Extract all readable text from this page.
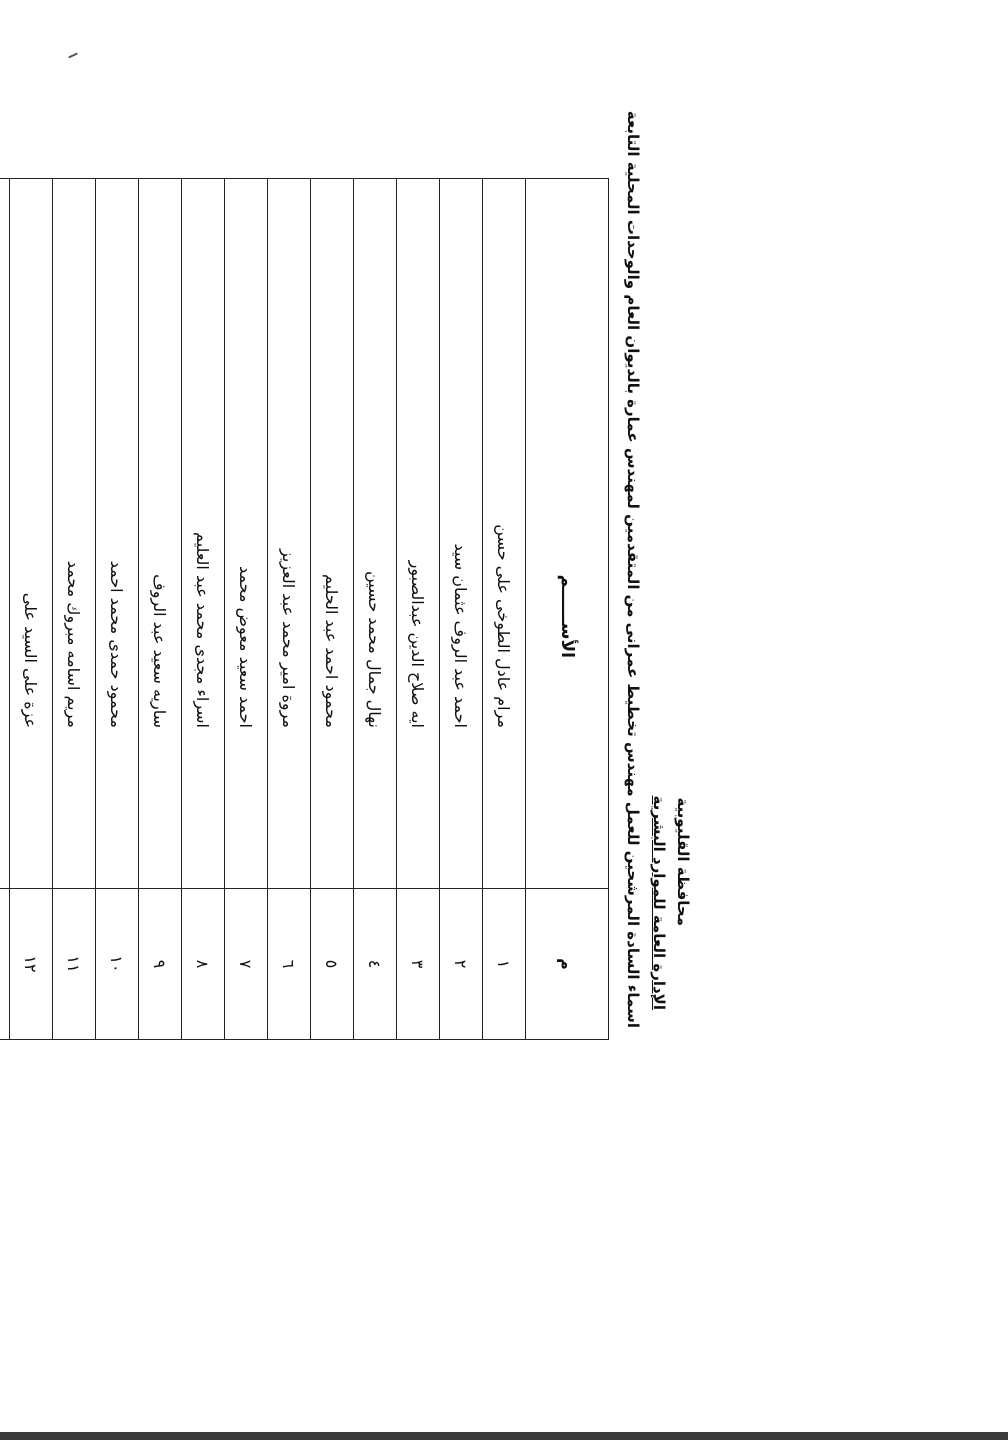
محافظة القليوبية
الإدارة العامة للموارد البشرية
اسماء السادة المرشحين للعمل مهندس تخطيط عمرانى من المتقدمين لمهندس عمارة بالديوان العام والوحدات المحلية التابعة
م	الأســــــم
١	مرام عادل الطوخى على حسن
٢	احمد عبد الروف عثمان سيد
٣	ايه صلاح الدين عبدالصبور
٤	نهال جمال محمد حسين
٥	محمود احمد عبد الحليم
٦	مروة امير محمد عبد العزيز
٧	احمد سعيد معوض محمد
٨	اسراء مجدى محمد عبد العليم
٩	ساريه سعيد عبد الروف
١٠	محمود حمدى محمد احمد
١١	مريم اسامه مبروك محمد
١٢	عزة على السيد على
